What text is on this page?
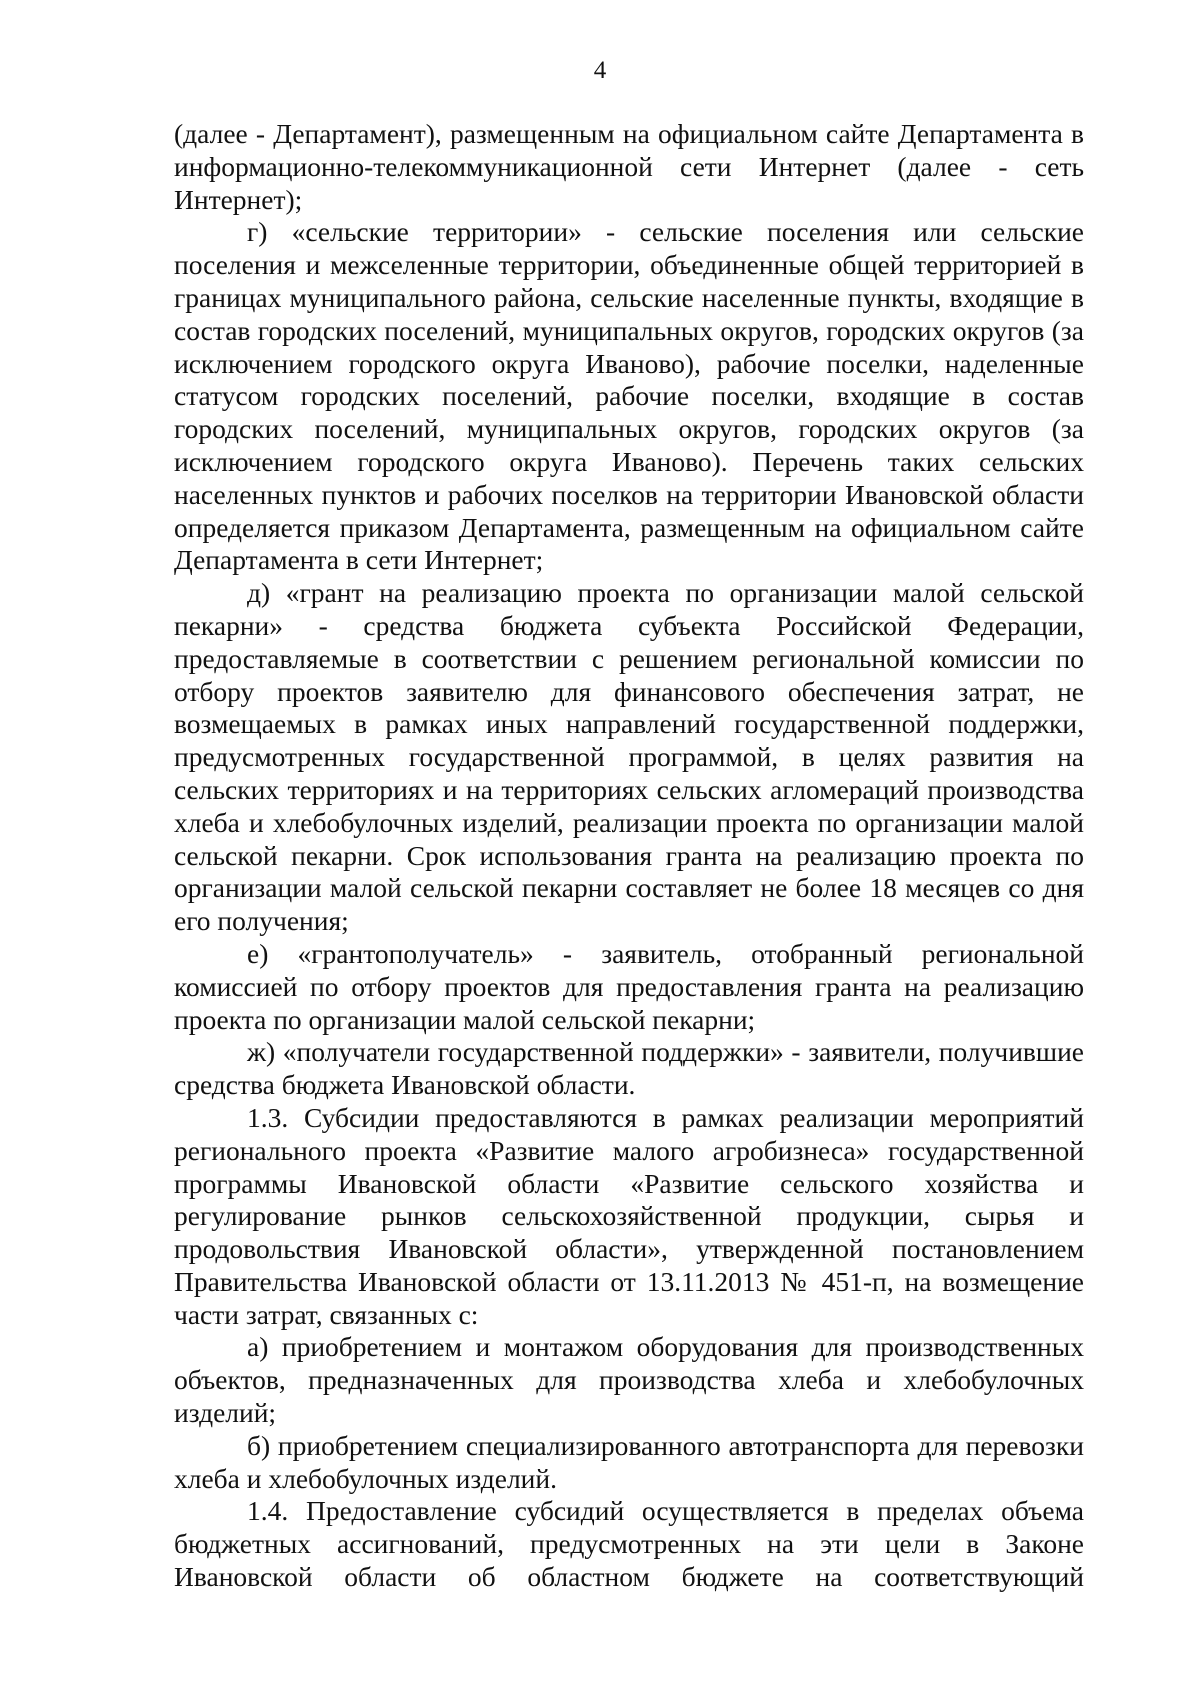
4

(далее - Департамент), размещенным на официальном сайте Департамента в информационно-телекоммуникационной сети Интернет (далее - сеть Интернет);

г) «сельские территории» - сельские поселения или сельские поселения и межселенные территории, объединенные общей территорией в границах муниципального района, сельские населенные пункты, входящие в состав городских поселений, муниципальных округов, городских округов (за исключением городского округа Иваново), рабочие поселки, наделенные статусом городских поселений, рабочие поселки, входящие в состав городских поселений, муниципальных округов, городских округов (за исключением городского округа Иваново). Перечень таких сельских населенных пунктов и рабочих поселков на территории Ивановской области определяется приказом Департамента, размещенным на официальном сайте Департамента в сети Интернет;

д) «грант на реализацию проекта по организации малой сельской пекарни» - средства бюджета субъекта Российской Федерации, предоставляемые в соответствии с решением региональной комиссии по отбору проектов заявителю для финансового обеспечения затрат, не возмещаемых в рамках иных направлений государственной поддержки, предусмотренных государственной программой, в целях развития на сельских территориях и на территориях сельских агломераций производства хлеба и хлебобулочных изделий, реализации проекта по организации малой сельской пекарни. Срок использования гранта на реализацию проекта по организации малой сельской пекарни составляет не более 18 месяцев со дня его получения;

е) «грантополучатель» - заявитель, отобранный региональной комиссией по отбору проектов для предоставления гранта на реализацию проекта по организации малой сельской пекарни;

ж) «получатели государственной поддержки» - заявители, получившие средства бюджета Ивановской области.

1.3. Субсидии предоставляются в рамках реализации мероприятий регионального проекта «Развитие малого агробизнеса» государственной программы Ивановской области «Развитие сельского хозяйства и регулирование рынков сельскохозяйственной продукции, сырья и продовольствия Ивановской области», утвержденной постановлением Правительства Ивановской области от 13.11.2013 № 451-п, на возмещение части затрат, связанных с:

а) приобретением и монтажом оборудования для производственных объектов, предназначенных для производства хлеба и хлебобулочных изделий;

б) приобретением специализированного автотранспорта для перевозки хлеба и хлебобулочных изделий.

1.4. Предоставление субсидий осуществляется в пределах объема бюджетных ассигнований, предусмотренных на эти цели в Законе Ивановской области об областном бюджете на соответствующий
